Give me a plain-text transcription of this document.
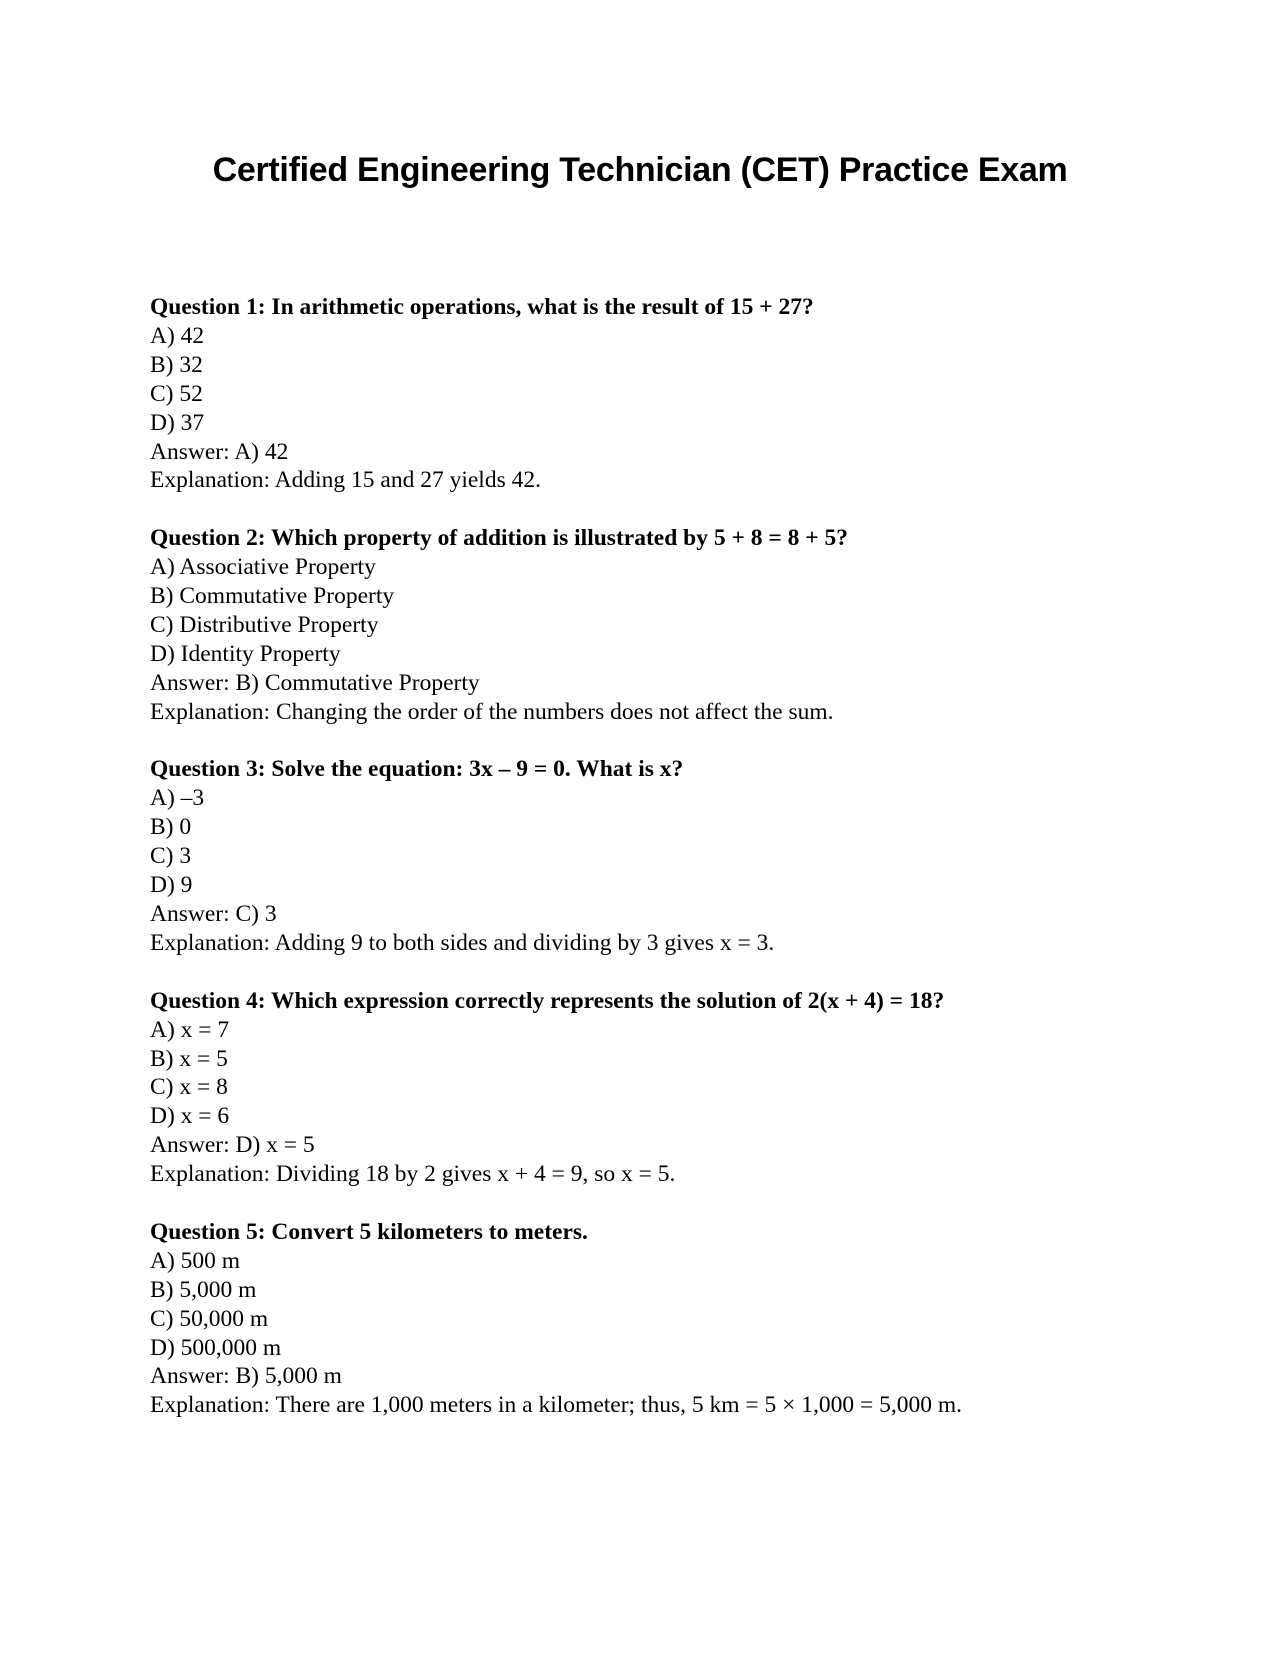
Certified Engineering Technician (CET) Practice Exam
Question 1: In arithmetic operations, what is the result of 15 + 27?
A) 42
B) 32
C) 52
D) 37
Answer: A) 42
Explanation: Adding 15 and 27 yields 42.
Question 2: Which property of addition is illustrated by 5 + 8 = 8 + 5?
A) Associative Property
B) Commutative Property
C) Distributive Property
D) Identity Property
Answer: B) Commutative Property
Explanation: Changing the order of the numbers does not affect the sum.
Question 3: Solve the equation: 3x – 9 = 0. What is x?
A) –3
B) 0
C) 3
D) 9
Answer: C) 3
Explanation: Adding 9 to both sides and dividing by 3 gives x = 3.
Question 4: Which expression correctly represents the solution of 2(x + 4) = 18?
A) x = 7
B) x = 5
C) x = 8
D) x = 6
Answer: D) x = 5
Explanation: Dividing 18 by 2 gives x + 4 = 9, so x = 5.
Question 5: Convert 5 kilometers to meters.
A) 500 m
B) 5,000 m
C) 50,000 m
D) 500,000 m
Answer: B) 5,000 m
Explanation: There are 1,000 meters in a kilometer; thus, 5 km = 5 × 1,000 = 5,000 m.
